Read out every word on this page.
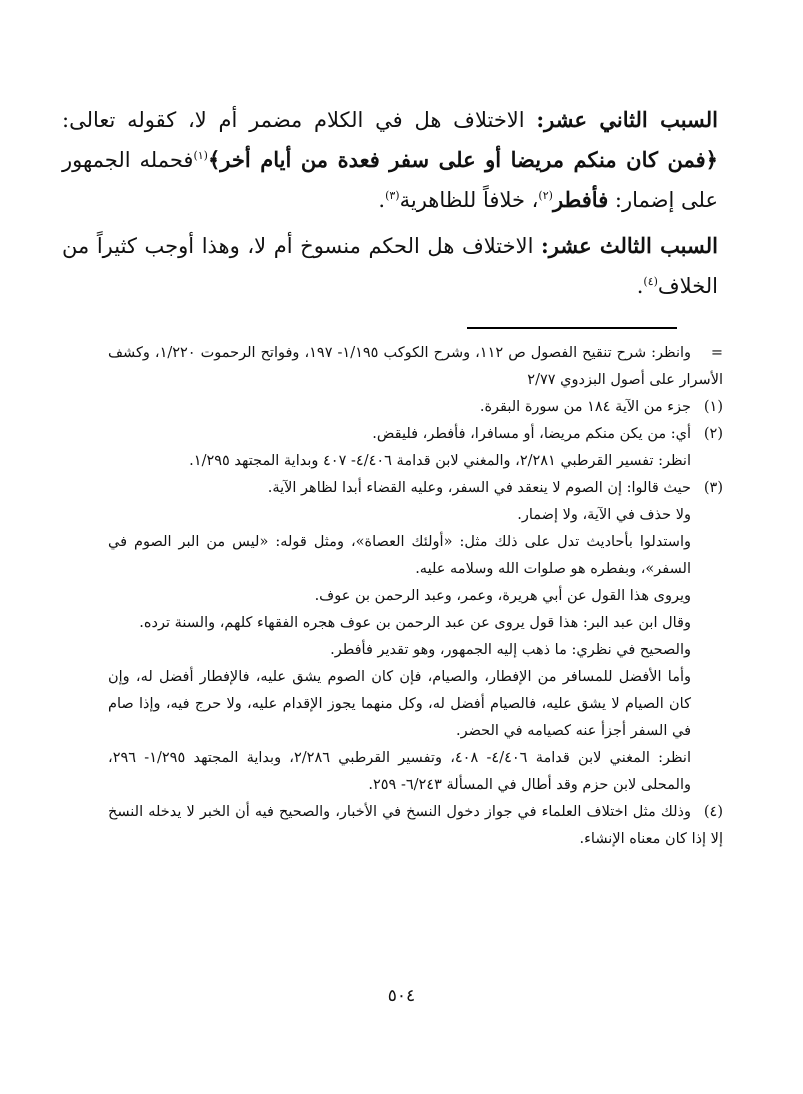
السبب الثاني عشر: الاختلاف هل في الكلام مضمر أم لا، كقوله تعالى: ﴿فمن كان منكم مريضا أو على سفر فعدة من أيام أخر﴾$^{(١)}$فحمله الجمهور على إضمار: فأفطر$^{(٢)}$، خلافاً للظاهرية$^{(٣)}$.

السبب الثالث عشر: الاختلاف هل الحكم منسوخ أم لا، وهذا أوجب كثيراً من الخلاف$^{(٤)}$.

=وانظر: شرح تنقيح الفصول ص ١١٢، وشرح الكوكب ١/١٩٥- ١٩٧، وفواتح الرحموت ١/٢٢٠، وكشف الأسرار على أصول البزدوي ٢/٧٧

(١)جزء من الآية ١٨٤ من سورة البقرة.

(٢)أي: من يكن منكم مريضا، أو مسافرا، فأفطر، فليقض.

انظر: تفسير القرطبي ٢/٢٨١، والمغني لابن قدامة ٤/٤٠٦- ٤٠٧ وبداية المجتهد ١/٢٩٥.

(٣)حيث قالوا: إن الصوم لا ينعقد في السفر، وعليه القضاء أبدا لظاهر الآية.

ولا حذف في الآية، ولا إضمار.

واستدلوا بأحاديث تدل على ذلك مثل: «أولئك العصاة»، ومثل قوله: «ليس من البر الصوم في السفر»، وبفطره هو صلوات الله وسلامه عليه.

ويروى هذا القول عن أبي هريرة، وعمر، وعبد الرحمن بن عوف.

وقال ابن عبد البر: هذا قول يروى عن عبد الرحمن بن عوف هجره الفقهاء كلهم، والسنة ترده.

والصحيح في نظري: ما ذهب إليه الجمهور، وهو تقدير فأفطر.

وأما الأفضل للمسافر من الإفطار، والصيام، فإن كان الصوم يشق عليه، فالإفطار أفضل له، وإن كان الصيام لا يشق عليه، فالصيام أفضل له، وكل منهما يجوز الإقدام عليه، ولا حرج فيه، وإذا صام في السفر أجزأ عنه كصيامه في الحضر.

انظر: المغني لابن قدامة ٤/٤٠٦- ٤٠٨، وتفسير القرطبي ٢/٢٨٦، وبداية المجتهد ١/٢٩٥- ٢٩٦، والمحلى لابن حزم وقد أطال في المسألة ٦/٢٤٣- ٢٥٩.

(٤)وذلك مثل اختلاف العلماء في جواز دخول النسخ في الأخبار، والصحيح فيه أن الخبر لا يدخله النسخ إلا إذا كان معناه الإنشاء.

٥٠٤
